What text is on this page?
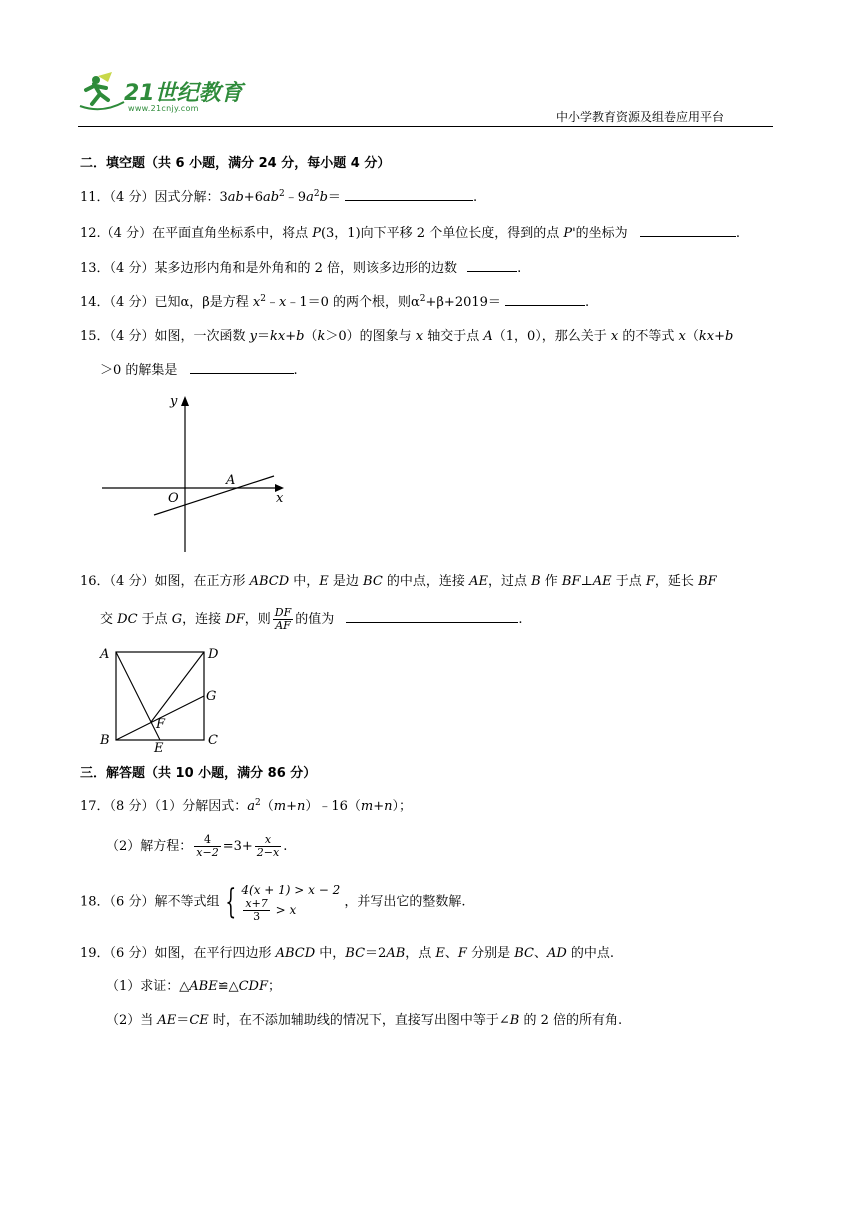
21世纪教育
www.21cnjy.com
中小学教育资源及组卷应用平台
二．填空题（共 6 小题，满分 24 分，每小题 4 分）
11．（4 分）因式分解：$3ab+6ab^2﹣9a^2b=$	.
12.（4 分）在平面直角坐标系中，将点 P(3，1)向下平移 2 个单位长度，得到的点 P'的坐标为	.
13．（4 分）某多边形内角和是外角和的 2 倍，则该多边形的边数	.
14．（4 分）已知α，β是方程 $x^2﹣x﹣1=0$ 的两个根，则$\alpha^2+\beta+2019=$	.
15．（4 分）如图，一次函数 y＝kx+b（k＞0）的图象与 x 轴交于点 A（1，0），那么关于 x 的不等式 x（kx+b
＞0 的解集是	.
y
x
O
A
16．（4 分）如图，在正方形 ABCD 中，E 是边 BC 的中点，连接 AE，过点 B 作 BF⊥AE 于点 F，延长 BF
交 DC 于点 G，连接 DF，则 $\frac{DF}{AF}$ 的值为	.
A	D
B	C
E
F
G
三．解答题（共 10 小题，满分 86 分）
17．（8 分）（1）分解因式：$a^2(m+n)﹣16(m+n)$；
（2）解方程： $\frac{4}{x-2} =3+ \frac{x}{2-x}$ .
18．（6 分）解不等式组 { 4(x + 1) > x − 2
$\frac{x+7}{3} > x$	，并写出它的整数解.
19．（6 分）如图，在平行四边形 ABCD 中，BC＝2AB，点 E、F 分别是 BC、AD 的中点.
（1）求证：△ABE≌△CDF；
（2）当 AE＝CE 时，在不添加辅助线的情况下，直接写出图中等于∠B 的 2 倍的所有角.
